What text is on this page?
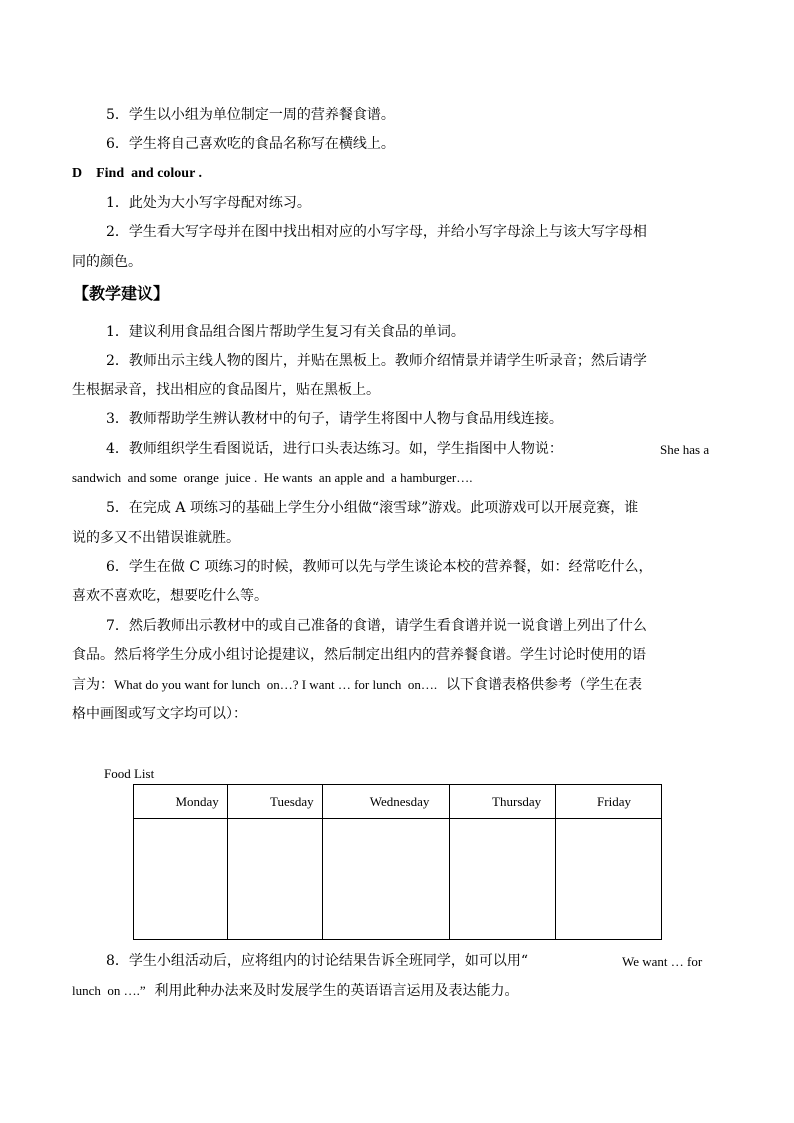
5．学生以小组为单位制定一周的营养餐食谱。
6．学生将自己喜欢吃的食品名称写在横线上。
D    Find  and colour .
1．此处为大小写字母配对练习。
2．学生看大写字母并在图中找出相对应的小写字母，并给小写字母涂上与该大写字母相
同的颜色。
【教学建议】
1．建议利用食品组合图片帮助学生复习有关食品的单词。
2．教师出示主线人物的图片，并贴在黑板上。教师介绍情景并请学生听录音；然后请学
生根据录音，找出相应的食品图片，贴在黑板上。
3．教师帮助学生辨认教材中的句子，请学生将图中人物与食品用线连接。
4．教师组织学生看图说话，进行口头表达练习。如，学生指图中人物说：	She has a
sandwich  and some  orange  juice .  He wants  an apple and  a hamburger….
5．在完成 A 项练习的基础上学生分小组做“滚雪球”游戏。此项游戏可以开展竞赛，谁
说的多又不出错误谁就胜。
6．学生在做 C 项练习的时候，教师可以先与学生谈论本校的营养餐，如：经常吃什么，
喜欢不喜欢吃，想要吃什么等。
7．然后教师出示教材中的或自己准备的食谱，请学生看食谱并说一说食谱上列出了什么
食品。然后将学生分成小组讨论提建议，然后制定出组内的营养餐食谱。学生讨论时使用的语
言为：What do you want for lunch  on…? I want … for lunch  on….  以下食谱表格供参考（学生在表
格中画图或写文字均可以）：
Food List
Monday	Tuesday	Wednesday	Thursday	Friday

8．学生小组活动后，应将组内的讨论结果告诉全班同学，如可以用“	We want … for
lunch  on ….”  利用此种办法来及时发展学生的英语语言运用及表达能力。
